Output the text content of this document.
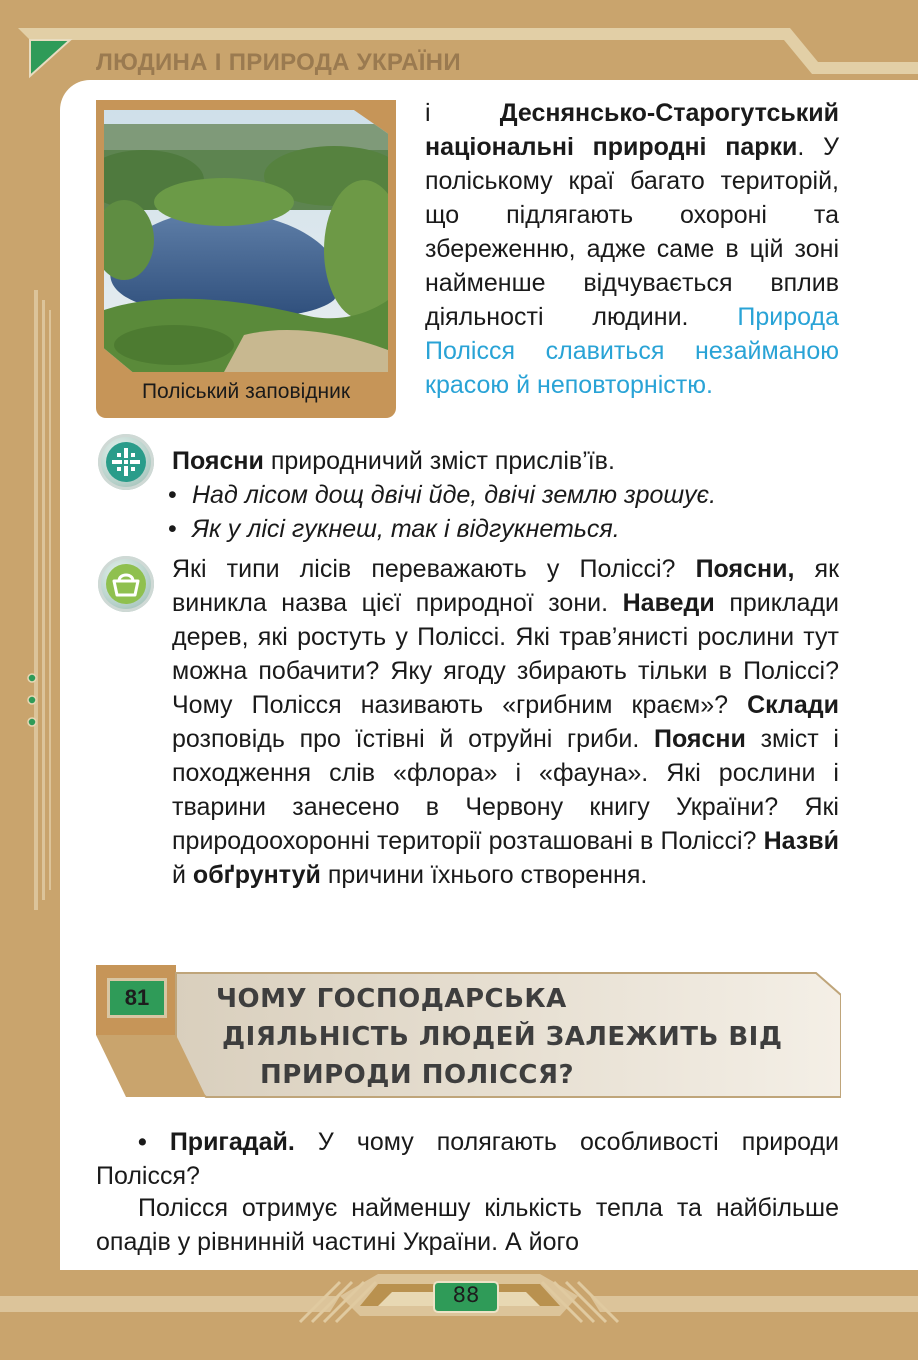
ЛЮДИНА І ПРИРОДА УКРАЇНИ
Поліський заповідник

і Деснянсько-Старогутський національні природні парки. У поліському краї багато територій, що підлягають охороні та збереженню, адже саме в цій зоні найменше відчувається вплив діяльності людини. Природа Полісся славиться незайманою красою й неповторністю.

Поясни природничий зміст прислів’їв.

• Над лісом дощ двічі йде, двічі землю зрошує.
• Як у лісі гукнеш, так і відгукнеться.

Які типи лісів переважають у Поліссі? Поясни, як виникла назва цієї природної зони. Наведи приклади дерев, які ростуть у Поліссі. Які трав’янисті рослини тут можна побачити? Яку ягоду збирають тільки в Поліссі? Чому Полісся називають «грибним краєм»? Склади розповідь про їстівні й отруйні гриби. Поясни зміст і походження слів «флора» і «фауна». Які рослини і тварини занесено в Червону книгу України? Які природоохоронні території розташовані в Поліссі? Назви́ й обґрунтуй причини їхнього створення.

81	ЧОМУ ГОСПОДАРСЬКА
ДІЯЛЬНІСТЬ ЛЮДЕЙ ЗАЛЕЖИТЬ ВІД
ПРИРОДИ ПОЛІССЯ?

• Пригадай. У чому полягають особливості природи Полісся?

Полісся отримує найменшу кількість тепла та найбільше опадів у рівнинній частині України. А його

88
